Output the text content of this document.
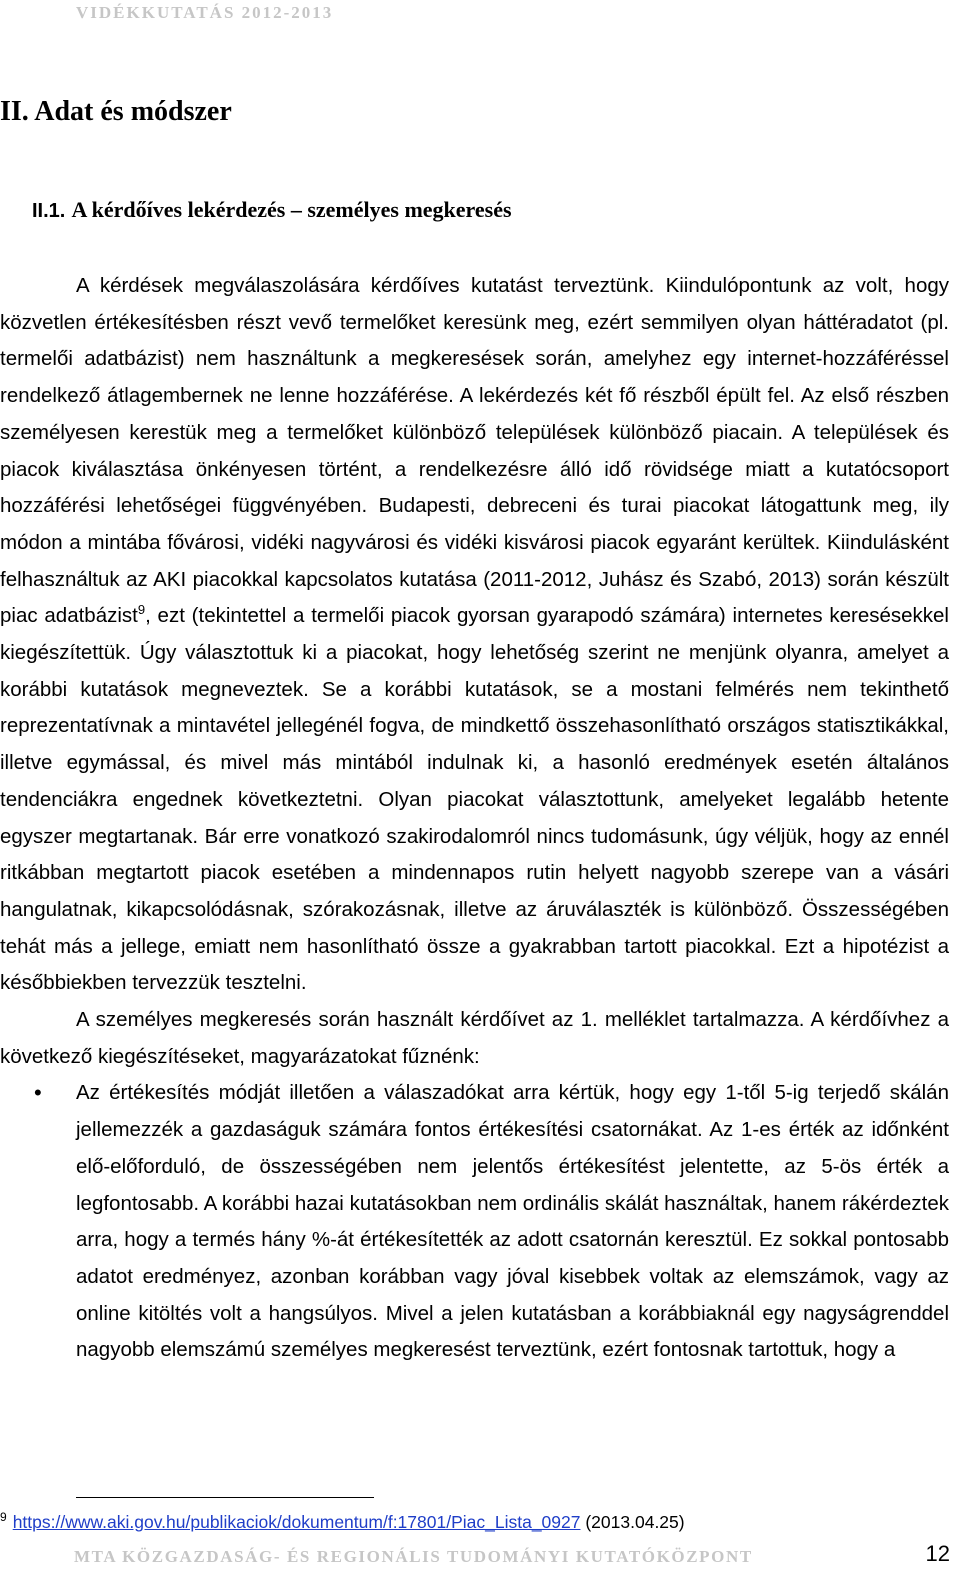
VIDÉKKUTATÁS 2012-2013
II. Adat és módszer
II.1. A kérdőíves lekérdezés – személyes megkeresés

A kérdések megválaszolására kérdőíves kutatást terveztünk. Kiindulópontunk az volt, hogy közvetlen értékesítésben részt vevő termelőket keresünk meg, ezért semmilyen olyan háttéradatot (pl. termelői adatbázist) nem használtunk a megkeresések során, amelyhez egy internet-hozzáféréssel rendelkező átlagembernek ne lenne hozzáférése. A lekérdezés két fő részből épült fel. Az első részben személyesen kerestük meg a termelőket különböző települések különböző piacain. A települések és piacok kiválasztása önkényesen történt, a rendelkezésre álló idő rövidsége miatt a kutatócsoport hozzáférési lehetőségei függvényében. Budapesti, debreceni és turai piacokat látogattunk meg, ily módon a mintába fővárosi, vidéki nagyvárosi és vidéki kisvárosi piacok egyaránt kerültek. Kiindulásként felhasználtuk az AKI piacokkal kapcsolatos kutatása (2011-2012, Juhász és Szabó, 2013) során készült piac adatbázist$^9$, ezt (tekintettel a termelői piacok gyorsan gyarapodó számára) internetes keresésekkel kiegészítettük. Úgy választottuk ki a piacokat, hogy lehetőség szerint ne menjünk olyanra, amelyet a korábbi kutatások megneveztek. Se a korábbi kutatások, se a mostani felmérés nem tekinthető reprezentatívnak a mintavétel jellegénél fogva, de mindkettő összehasonlítható országos statisztikákkal, illetve egymással, és mivel más mintából indulnak ki, a hasonló eredmények esetén általános tendenciákra engednek következtetni. Olyan piacokat választottunk, amelyeket legalább hetente egyszer megtartanak. Bár erre vonatkozó szakirodalomról nincs tudomásunk, úgy véljük, hogy az ennél ritkábban megtartott piacok esetében a mindennapos rutin helyett nagyobb szerepe van a vásári hangulatnak, kikapcsolódásnak, szórakozásnak, illetve az áruválaszték is különböző. Összességében tehát más a jellege, emiatt nem hasonlítható össze a gyakrabban tartott piacokkal. Ezt a hipotézist a későbbiekben tervezzük tesztelni.

A személyes megkeresés során használt kérdőívet az 1. melléklet tartalmazza. A kérdőívhez a következő kiegészítéseket, magyarázatokat fűznénk:

• Az értékesítés módját illetően a válaszadókat arra kértük, hogy egy 1-től 5-ig terjedő skálán jellemezzék a gazdaságuk számára fontos értékesítési csatornákat. Az 1-es érték az időnként elő-előforduló, de összességében nem jelentős értékesítést jelentette, az 5-ös érték a legfontosabb. A korábbi hazai kutatásokban nem ordinális skálát használtak, hanem rákérdeztek arra, hogy a termés hány %-át értékesítették az adott csatornán keresztül. Ez sokkal pontosabb adatot eredményez, azonban korábban vagy jóval kisebbek voltak az elemszámok, vagy az online kitöltés volt a hangsúlyos. Mivel a jelen kutatásban a korábbiaknál egy nagyságrenddel nagyobb elemszámú személyes megkeresést terveztünk, ezért fontosnak tartottuk, hogy a
$^9$ https://www.aki.gov.hu/publikaciok/dokumentum/f:17801/Piac_Lista_0927 (2013.04.25)
MTA KÖZGAZDASÁG- ÉS REGIONÁLIS TUDOMÁNYI KUTATÓKÖZPONT	12
